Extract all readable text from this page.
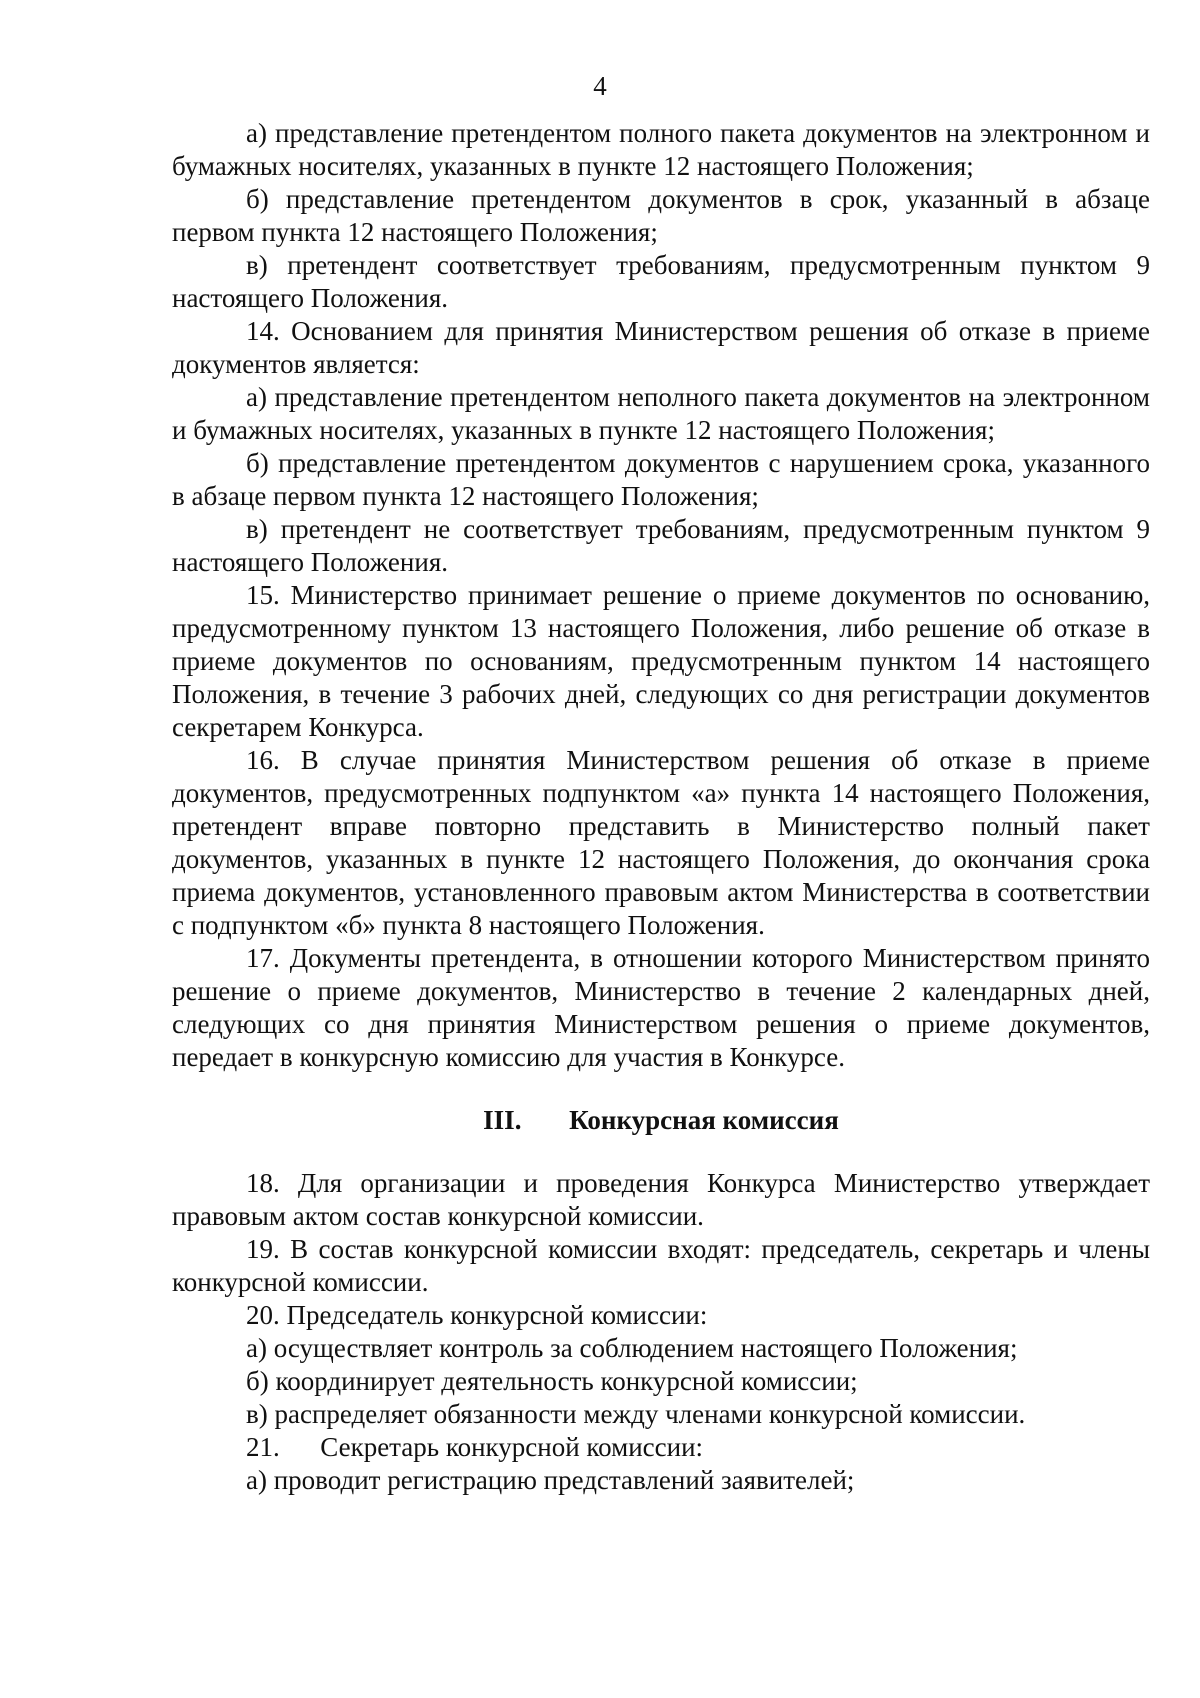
4

а) представление претендентом полного пакета документов на электронном и бумажных носителях, указанных в пункте 12 настоящего Положения;

б) представление претендентом документов в срок, указанный в абзаце первом пункта 12 настоящего Положения;

в) претендент соответствует требованиям, предусмотренным пунктом 9 настоящего Положения.

14. Основанием для принятия Министерством решения об отказе в приеме документов является:

а) представление претендентом неполного пакета документов на электронном и бумажных носителях, указанных в пункте 12 настоящего Положения;

б) представление претендентом документов с нарушением срока, указанного в абзаце первом пункта 12 настоящего Положения;

в) претендент не соответствует требованиям, предусмотренным пунктом 9 настоящего Положения.

15. Министерство принимает решение о приеме документов по основанию, предусмотренному пунктом 13 настоящего Положения, либо решение об отказе в приеме документов по основаниям, предусмотренным пунктом 14 настоящего Положения, в течение 3 рабочих дней, следующих со дня регистрации документов секретарем Конкурса.

16. В случае принятия Министерством решения об отказе в приеме документов, предусмотренных подпунктом «а» пункта 14 настоящего Положения, претендент вправе повторно представить в Министерство полный пакет документов, указанных в пункте 12 настоящего Положения, до окончания срока приема документов, установленного правовым актом Министерства в соответствии с подпунктом «б» пункта 8 настоящего Положения.

17. Документы претендента, в отношении которого Министерством принято решение о приеме документов, Министерство в течение 2 календарных дней, следующих со дня принятия Министерством решения о приеме документов, передает в конкурсную комиссию для участия в Конкурсе.

III. Конкурсная комиссия

18. Для организации и проведения Конкурса Министерство утверждает правовым актом состав конкурсной комиссии.

19. В состав конкурсной комиссии входят: председатель, секретарь и члены конкурсной комиссии.

20. Председатель конкурсной комиссии:

а) осуществляет контроль за соблюдением настоящего Положения;

б) координирует деятельность конкурсной комиссии;

в) распределяет обязанности между членами конкурсной комиссии.

21.  Секретарь конкурсной комиссии:

а) проводит регистрацию представлений заявителей;
